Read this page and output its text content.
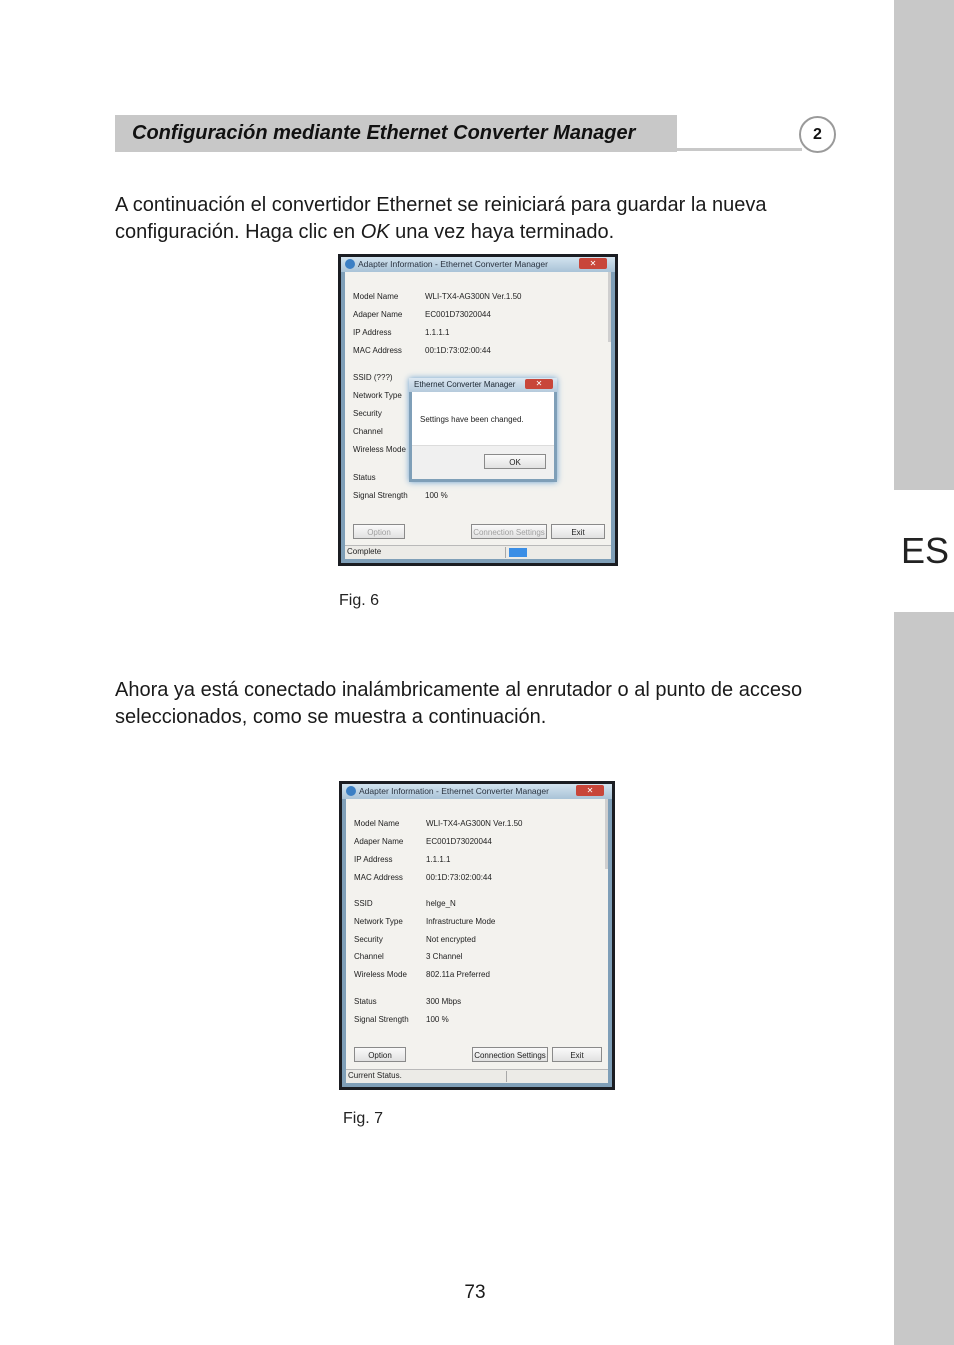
ES
Configuración mediante Ethernet Converter Manager	2
A continuación el convertidor Ethernet se reiniciará para guardar la nueva
configuración. Haga clic en OK una vez haya terminado.
Adapter Information - Ethernet Converter Manager	✕
Model Name	WLI-TX4-AG300N Ver.1.50
Adaper Name	EC001D73020044
IP Address	1.1.1.1
MAC Address	00:1D:73:02:00:44
SSID (???)
Network Type
Security
Channel
Wireless Mode
Status
Signal Strength 100 %
Option	Connection Settings	Exit
Complete
Ethernet Converter Manager	✕
Settings have been changed.
OK
Fig. 6
Ahora ya está conectado inalámbricamente al enrutador o al punto de acceso
seleccionados, como se muestra a continuación.
Adapter Information - Ethernet Converter Manager	✕
Model Name	WLI-TX4-AG300N Ver.1.50
Adaper Name	EC001D73020044
IP Address	1.1.1.1
MAC Address	00:1D:73:02:00:44
SSID	helge_N
Network Type	Infrastructure Mode
Security	Not encrypted
Channel	3 Channel
Wireless Mode 802.11a Preferred
Status	300 Mbps
Signal Strength 100 %
Option	Connection Settings	Exit
Current Status.
Fig. 7
73
